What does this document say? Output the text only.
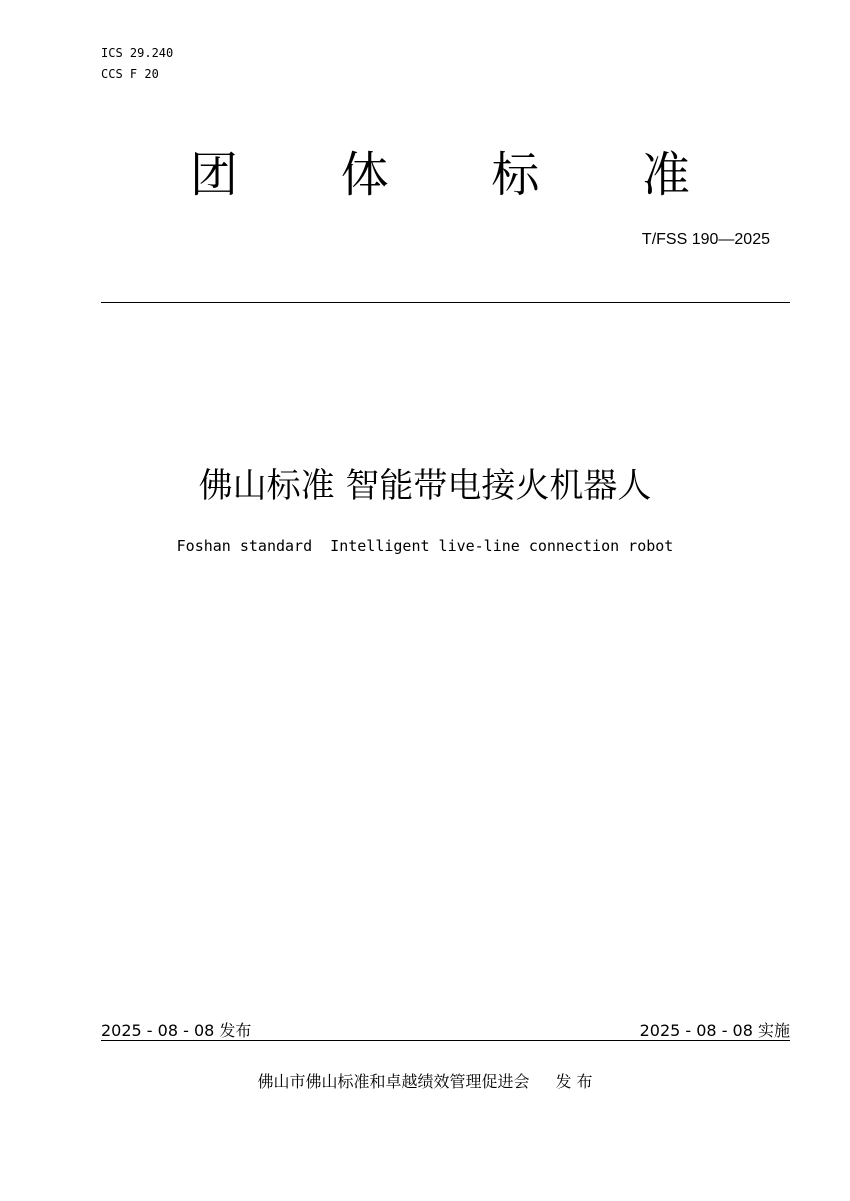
ICS 29.240
CCS F 20
团 体 标 准
T/FSS 190—2025
佛山标准 智能带电接火机器人
Foshan standard  Intelligent live-line connection robot
2025 - 08 - 08 发布	2025 - 08 - 08 实施
佛山市佛山标准和卓越绩效管理促进会 发 布
